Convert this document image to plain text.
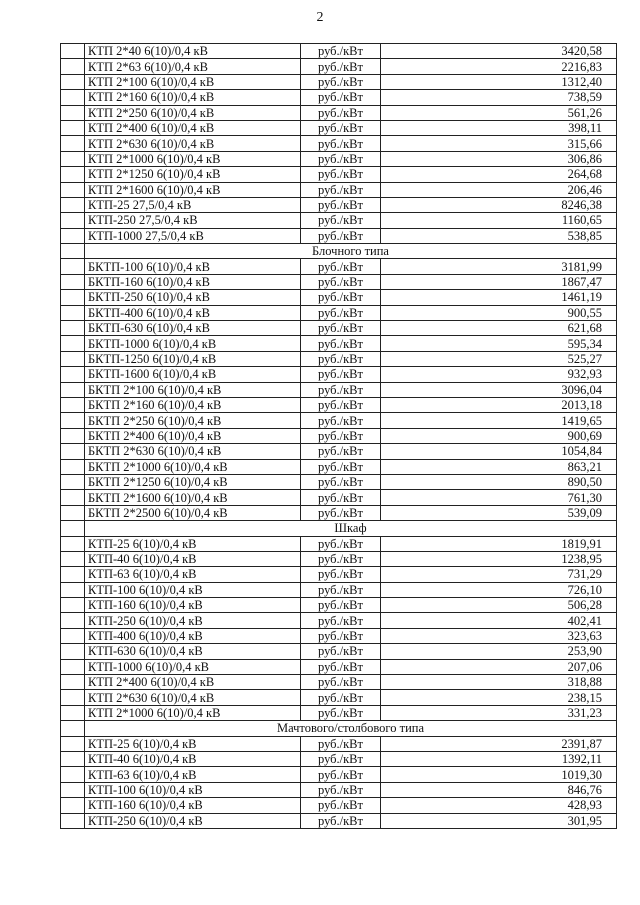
2
	КТП 2*40 6(10)/0,4 кВ	руб./кВт	3420,58
	КТП 2*63 6(10)/0,4 кВ	руб./кВт	2216,83
	КТП 2*100 6(10)/0,4 кВ	руб./кВт	1312,40
	КТП 2*160 6(10)/0,4 кВ	руб./кВт	738,59
	КТП 2*250 6(10)/0,4 кВ	руб./кВт	561,26
	КТП 2*400 6(10)/0,4 кВ	руб./кВт	398,11
	КТП 2*630 6(10)/0,4 кВ	руб./кВт	315,66
	КТП 2*1000 6(10)/0,4 кВ	руб./кВт	306,86
	КТП 2*1250 6(10)/0,4 кВ	руб./кВт	264,68
	КТП 2*1600 6(10)/0,4 кВ	руб./кВт	206,46
	КТП-25 27,5/0,4 кВ	руб./кВт	8246,38
	КТП-250 27,5/0,4 кВ	руб./кВт	1160,65
	КТП-1000 27,5/0,4 кВ	руб./кВт	538,85
	Блочного типа		
	БКТП-100 6(10)/0,4 кВ	руб./кВт	3181,99
	БКТП-160 6(10)/0,4 кВ	руб./кВт	1867,47
	БКТП-250 6(10)/0,4 кВ	руб./кВт	1461,19
	БКТП-400 6(10)/0,4 кВ	руб./кВт	900,55
	БКТП-630 6(10)/0,4 кВ	руб./кВт	621,68
	БКТП-1000 6(10)/0,4 кВ	руб./кВт	595,34
	БКТП-1250 6(10)/0,4 кВ	руб./кВт	525,27
	БКТП-1600 6(10)/0,4 кВ	руб./кВт	932,93
	БКТП 2*100 6(10)/0,4 кВ	руб./кВт	3096,04
	БКТП 2*160 6(10)/0,4 кВ	руб./кВт	2013,18
	БКТП 2*250 6(10)/0,4 кВ	руб./кВт	1419,65
	БКТП 2*400 6(10)/0,4 кВ	руб./кВт	900,69
	БКТП 2*630 6(10)/0,4 кВ	руб./кВт	1054,84
	БКТП 2*1000 6(10)/0,4 кВ	руб./кВт	863,21
	БКТП 2*1250 6(10)/0,4 кВ	руб./кВт	890,50
	БКТП 2*1600 6(10)/0,4 кВ	руб./кВт	761,30
	БКТП 2*2500 6(10)/0,4 кВ	руб./кВт	539,09
	Шкаф		
	КТП-25 6(10)/0,4 кВ	руб./кВт	1819,91
	КТП-40 6(10)/0,4 кВ	руб./кВт	1238,95
	КТП-63 6(10)/0,4 кВ	руб./кВт	731,29
	КТП-100 6(10)/0,4 кВ	руб./кВт	726,10
	КТП-160 6(10)/0,4 кВ	руб./кВт	506,28
	КТП-250 6(10)/0,4 кВ	руб./кВт	402,41
	КТП-400 6(10)/0,4 кВ	руб./кВт	323,63
	КТП-630 6(10)/0,4 кВ	руб./кВт	253,90
	КТП-1000 6(10)/0,4 кВ	руб./кВт	207,06
	КТП 2*400 6(10)/0,4 кВ	руб./кВт	318,88
	КТП 2*630 6(10)/0,4 кВ	руб./кВт	238,15
	КТП 2*1000 6(10)/0,4 кВ	руб./кВт	331,23
	Мачтового/столбового типа		
	КТП-25 6(10)/0,4 кВ	руб./кВт	2391,87
	КТП-40 6(10)/0,4 кВ	руб./кВт	1392,11
	КТП-63 6(10)/0,4 кВ	руб./кВт	1019,30
	КТП-100 6(10)/0,4 кВ	руб./кВт	846,76
	КТП-160 6(10)/0,4 кВ	руб./кВт	428,93
	КТП-250 6(10)/0,4 кВ	руб./кВт	301,95
